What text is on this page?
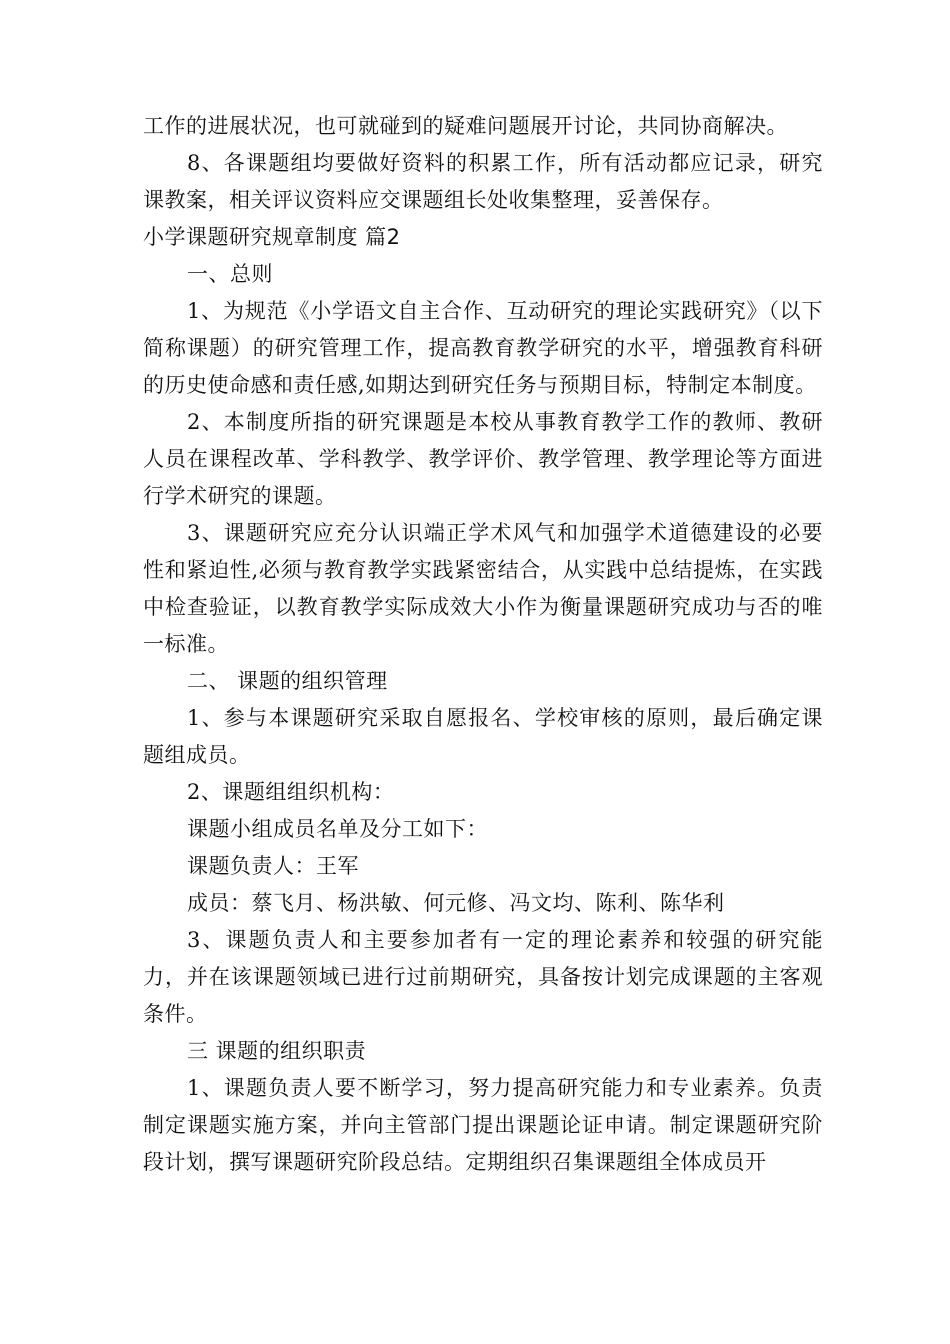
工作的进展状况，也可就碰到的疑难问题展开讨论，共同协商解决。

8、各课题组均要做好资料的积累工作，所有活动都应记录，研究课教案，相关评议资料应交课题组长处收集整理，妥善保存。

小学课题研究规章制度 篇2

一、总则

1、为规范《小学语文自主合作、互动研究的理论实践研究》（以下简称课题）的研究管理工作，提高教育教学研究的水平，增强教育科研的历史使命感和责任感,如期达到研究任务与预期目标，特制定本制度。

2、本制度所指的研究课题是本校从事教育教学工作的教师、教研人员在课程改革、学科教学、教学评价、教学管理、教学理论等方面进行学术研究的课题。

3、课题研究应充分认识端正学术风气和加强学术道德建设的必要性和紧迫性,必须与教育教学实践紧密结合，从实践中总结提炼，在实践中检查验证，以教育教学实际成效大小作为衡量课题研究成功与否的唯一标准。

二、 课题的组织管理

1、参与本课题研究采取自愿报名、学校审核的原则，最后确定课题组成员。

2、课题组组织机构：

课题小组成员名单及分工如下：

课题负责人：王军

成员：蔡飞月、杨洪敏、何元修、冯文均、陈利、陈华利

3、课题负责人和主要参加者有一定的理论素养和较强的研究能力，并在该课题领域已进行过前期研究，具备按计划完成课题的主客观条件。

三 课题的组织职责

1、课题负责人要不断学习，努力提高研究能力和专业素养。负责制定课题实施方案，并向主管部门提出课题论证申请。制定课题研究阶段计划，撰写课题研究阶段总结。定期组织召集课题组全体成员开
